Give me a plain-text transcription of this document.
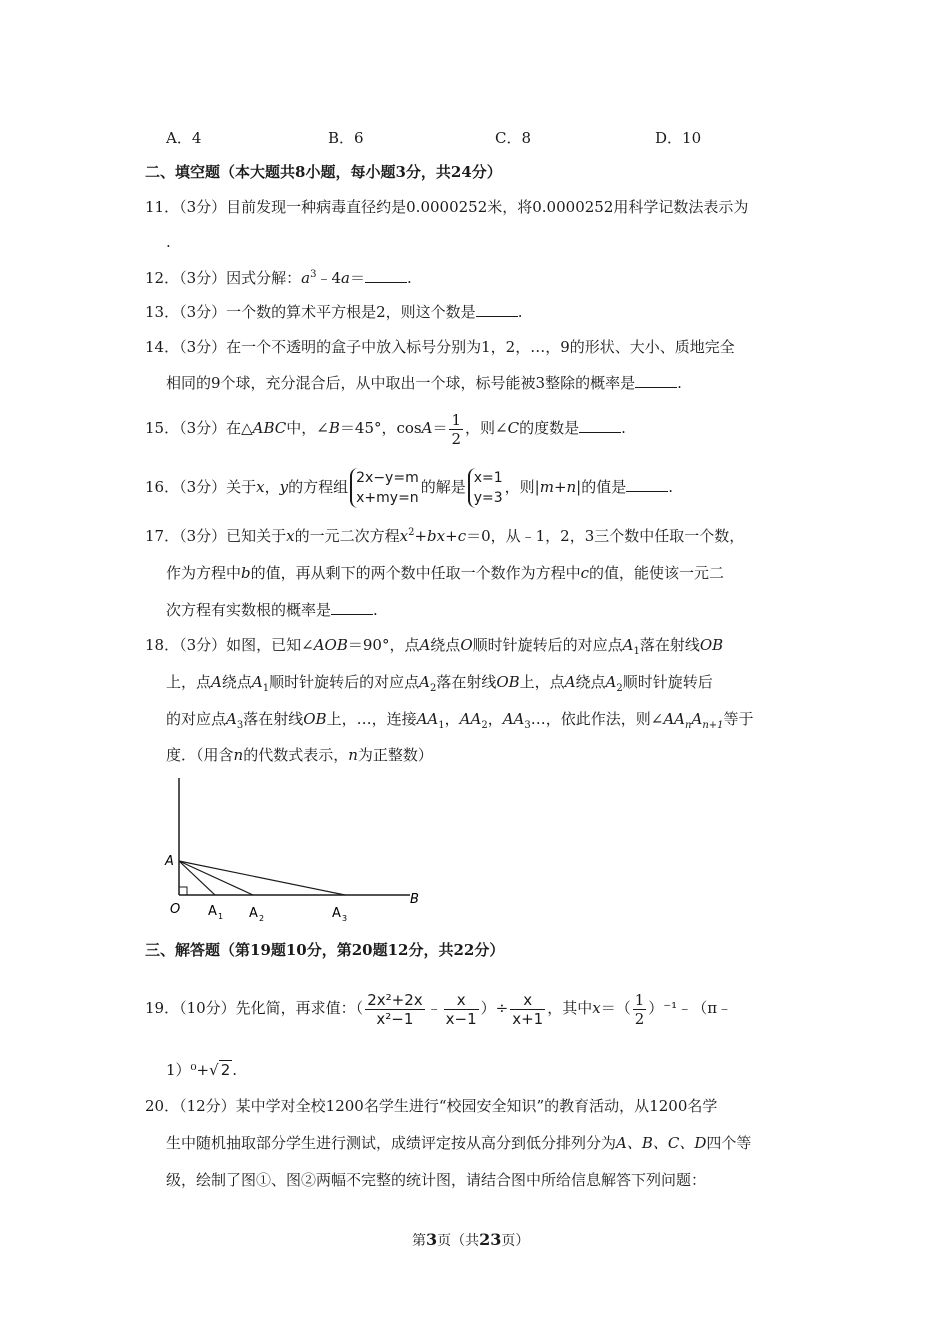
A．4	B．6	C．8	D．10
二、填空题（本大题共8小题，每小题3分，共24分）
11．（3分）目前发现一种病毒直径约是0.0000252米，将0.0000252用科学记数法表示为
.
12．（3分）因式分解：$a^3﹣4a=$	.
13．（3分）一个数的算术平方根是2，则这个数是	.
14．（3分）在一个不透明的盒子中放入标号分别为1，2，…，9的形状、大小、质地完全
相同的9个球，充分混合后，从中取出一个球，标号能被3整除的概率是	.
15．（3分）在△ABC中，∠B＝45°，$\cos A= \frac{1}{2}$ ，则∠C的度数是	.
16．（3分）关于x，y的方程组 2x−y=m
x+my=n
的解是 x=1
y=3
，则|m+n|的值是	.
17．（3分）已知关于x的一元二次方程$x^2+bx+c=0$，从﹣1，2，3三个数中任取一个数，
作为方程中b的值，再从剩下的两个数中任取一个数作为方程中c的值，能使该一元二
次方程有实数根的概率是	.
18．（3分）如图，已知∠AOB＝90°，点A绕点O顺时针旋转后的对应点$A_1$落在射线OB
上，点A绕点$A_1$顺时针旋转后的对应点$A_2$落在射线OB上，点A绕点$A_2$顺时针旋转后
的对应点$A_3$落在射线OB上，…，连接$AA_1$，$AA_2$，$AA_3\dots$，依此作法，则$\angle AA_nA_{n+1}$等于
度．（用含n的代数式表示，n为正整数）
A
O
B
A 1 A 2	A 3
三、解答题（第19题10分，第20题12分，共22分）
19．（10分）先化简，再求值：（ $\frac{\text{2x²+2x}}{\text{x²−1}}$ ﹣ $\frac{x}{x-1}$ ）÷ $\frac{x}{x+1}$ ，其中$x=( \frac{1}{2}$ ）⁻¹﹣（π﹣
1）⁰+√ 2 .
20．（12分）某中学对全校1200名学生进行“校园安全知识”的教育活动，从1200名学
生中随机抽取部分学生进行测试，成绩评定按从高分到低分排列分为A、B、C、D四个等
级，绘制了图①、图②两幅不完整的统计图，请结合图中所给信息解答下列问题：
第3页（共23页）
